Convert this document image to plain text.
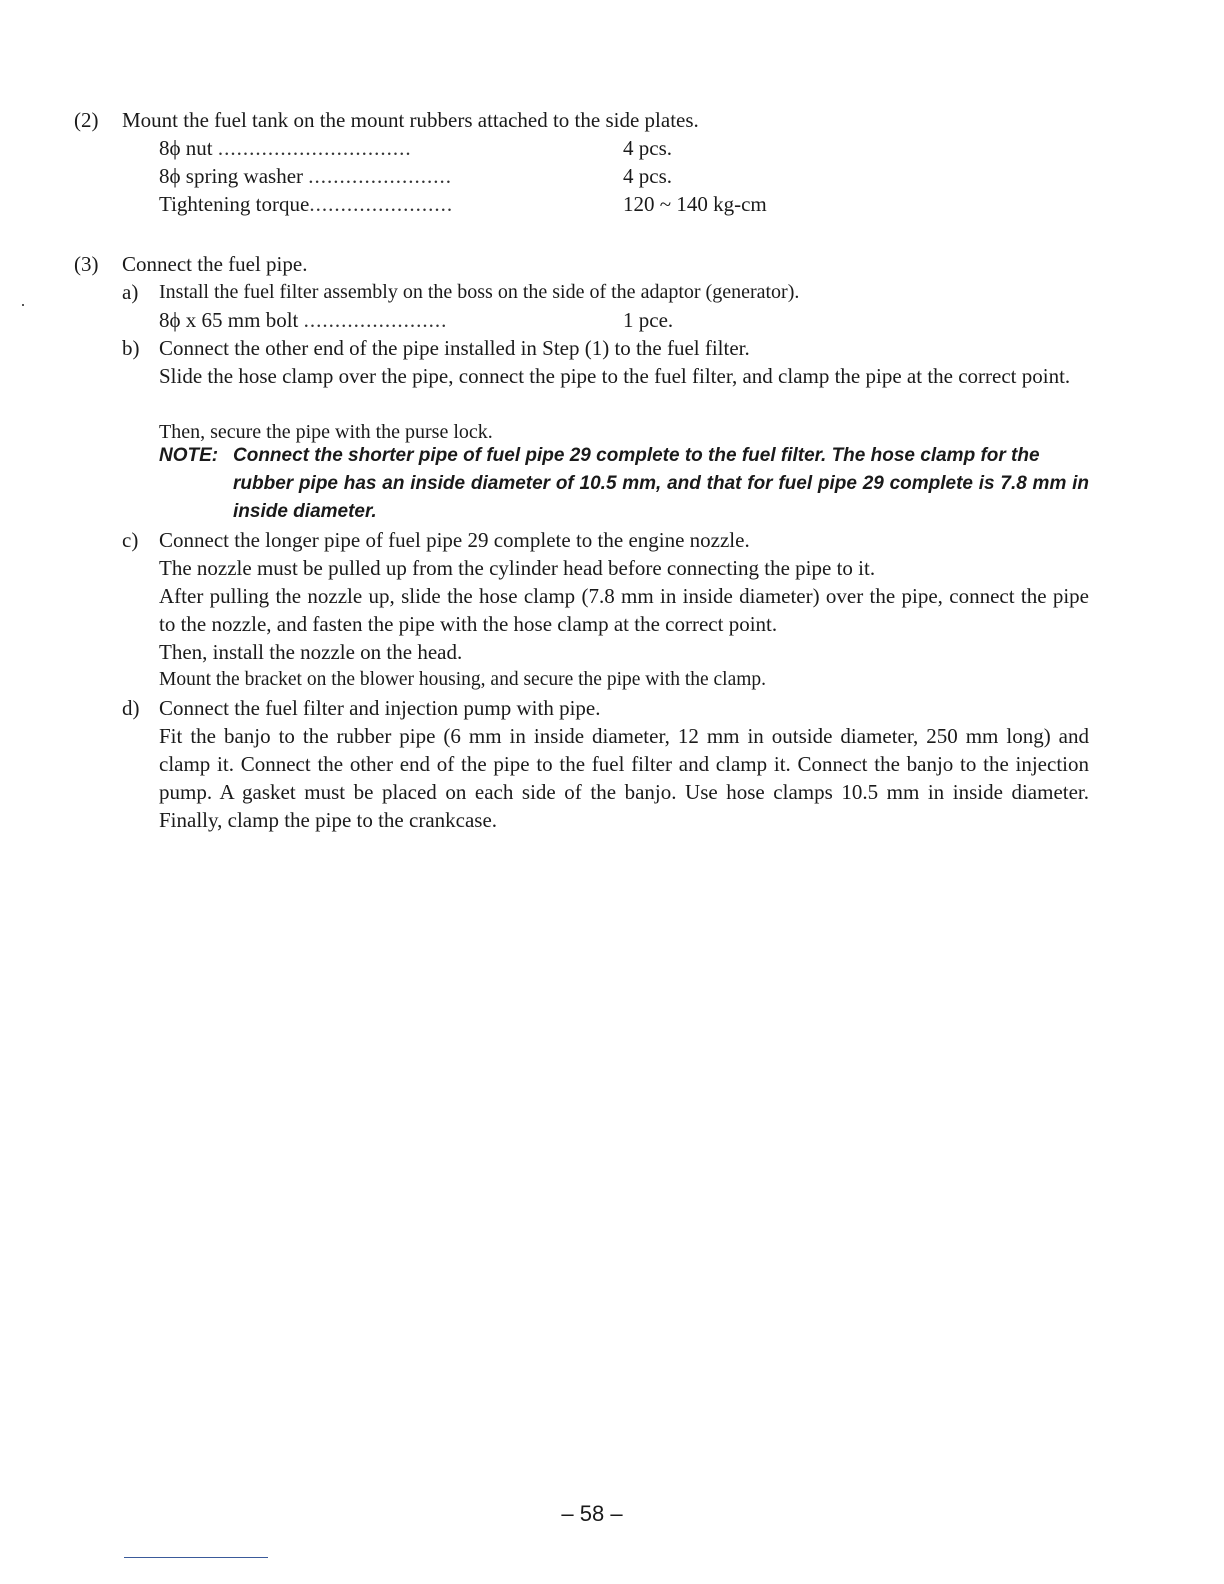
(2) Mount the fuel tank on the mount rubbers attached to the side plates.
8ϕ nut ...............................	4 pcs.
8ϕ spring washer .......................	4 pcs.
Tightening torque.......................	120 ~ 140 kg-cm
(3) Connect the fuel pipe.
a) Install the fuel filter assembly on the boss on the side of the adaptor (generator).
8ϕ x 65 mm bolt .......................	1 pce.
b) Connect the other end of the pipe installed in Step (1) to the fuel filter.
Slide the hose clamp over the pipe, connect the pipe to the fuel filter, and clamp the pipe at the correct point.
Then, secure the pipe with the purse lock.
NOTE: Connect the shorter pipe of fuel pipe 29 complete to the fuel filter. The hose clamp for the
rubber pipe has an inside diameter of 10.5 mm, and that for fuel pipe 29 complete is 7.8 mm in inside diameter.
c) Connect the longer pipe of fuel pipe 29 complete to the engine nozzle.
The nozzle must be pulled up from the cylinder head before connecting the pipe to it.
After pulling the nozzle up, slide the hose clamp (7.8 mm in inside diameter) over the pipe, connect the pipe to the nozzle, and fasten the pipe with the hose clamp at the correct point.
Then, install the nozzle on the head.
Mount the bracket on the blower housing, and secure the pipe with the clamp.
d) Connect the fuel filter and injection pump with pipe.
Fit the banjo to the rubber pipe (6 mm in inside diameter, 12 mm in outside diameter, 250 mm long) and clamp it. Connect the other end of the pipe to the fuel filter and clamp it. Connect the banjo to the injection pump. A gasket must be placed on each side of the banjo. Use hose clamps 10.5 mm in inside diameter. Finally, clamp the pipe to the crankcase.
– 58 –
